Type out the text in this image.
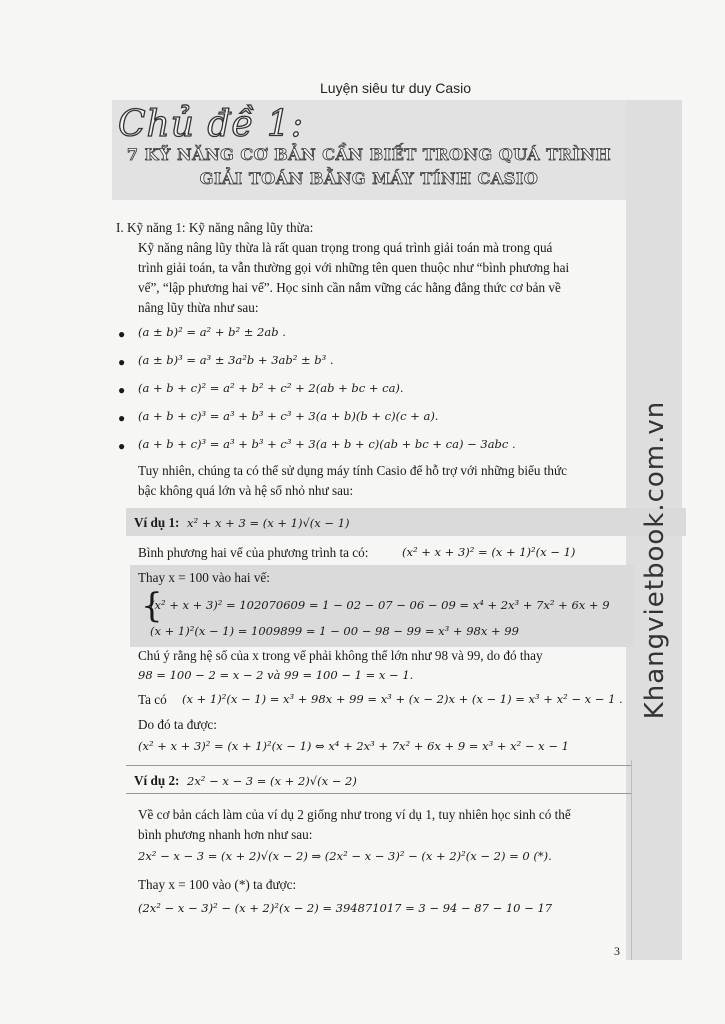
Luyện siêu tư duy Casio
Chủ đề 1:
7 KỸ NĂNG CƠ BẢN CẦN BIẾT TRONG QUÁ TRÌNH
GIẢI TOÁN BẰNG MÁY TÍNH CASIO
I. Kỹ năng 1: Kỹ năng nâng lũy thừa:
Kỹ năng nâng lũy thừa là rất quan trọng trong quá trình giải toán mà trong quá
trình giải toán, ta vẫn thường gọi với những tên quen thuộc như “bình phương hai
vế”, “lập phương hai vế”. Học sinh cần nắm vững các hằng đẳng thức cơ bản về
nâng lũy thừa như sau:
● (a ± b)² = a² + b² ± 2ab .
● (a ± b)³ = a³ ± 3a²b + 3ab² ± b³ .
● (a + b + c)² = a² + b² + c² + 2(ab + bc + ca).
● (a + b + c)³ = a³ + b³ + c³ + 3(a + b)(b + c)(c + a).
● (a + b + c)³ = a³ + b³ + c³ + 3(a + b + c)(ab + bc + ca) − 3abc .
Tuy nhiên, chúng ta có thể sử dụng máy tính Casio để hỗ trợ với những biểu thức
bậc không quá lớn và hệ số nhỏ như sau:
Ví dụ 1: x² + x + 3 = (x + 1)√(x − 1)
Bình phương hai vế của phương trình ta có:	(x² + x + 3)² = (x + 1)²(x − 1)
Thay x = 100 vào hai vế:
{
(x² + x + 3)² = 102070609 = 1 − 02 − 07 − 06 − 09 = x⁴ + 2x³ + 7x² + 6x + 9
(x + 1)²(x − 1) = 1009899 = 1 − 00 − 98 − 99 = x³ + 98x + 99
Chú ý rằng hệ số của x trong vế phải không thể lớn như 98 và 99, do đó thay
98 = 100 − 2 = x − 2 và 99 = 100 − 1 = x − 1.
Ta có (x + 1)²(x − 1) = x³ + 98x + 99 = x³ + (x − 2)x + (x − 1) = x³ + x² − x − 1 .
Do đó ta được:
(x² + x + 3)² = (x + 1)²(x − 1) ⇔ x⁴ + 2x³ + 7x² + 6x + 9 = x³ + x² − x − 1
Ví dụ 2: 2x² − x − 3 = (x + 2)√(x − 2)
Về cơ bản cách làm của ví dụ 2 giống như trong ví dụ 1, tuy nhiên học sinh có thể
bình phương nhanh hơn như sau:
2x² − x − 3 = (x + 2)√(x − 2) ⇒ (2x² − x − 3)² − (x + 2)²(x − 2) = 0 (*).
Thay x = 100 vào (*) ta được:
(2x² − x − 3)² − (x + 2)²(x − 2) = 394871017 = 3 − 94 − 87 − 10 − 17
Khangvietbook.com.vn
3
